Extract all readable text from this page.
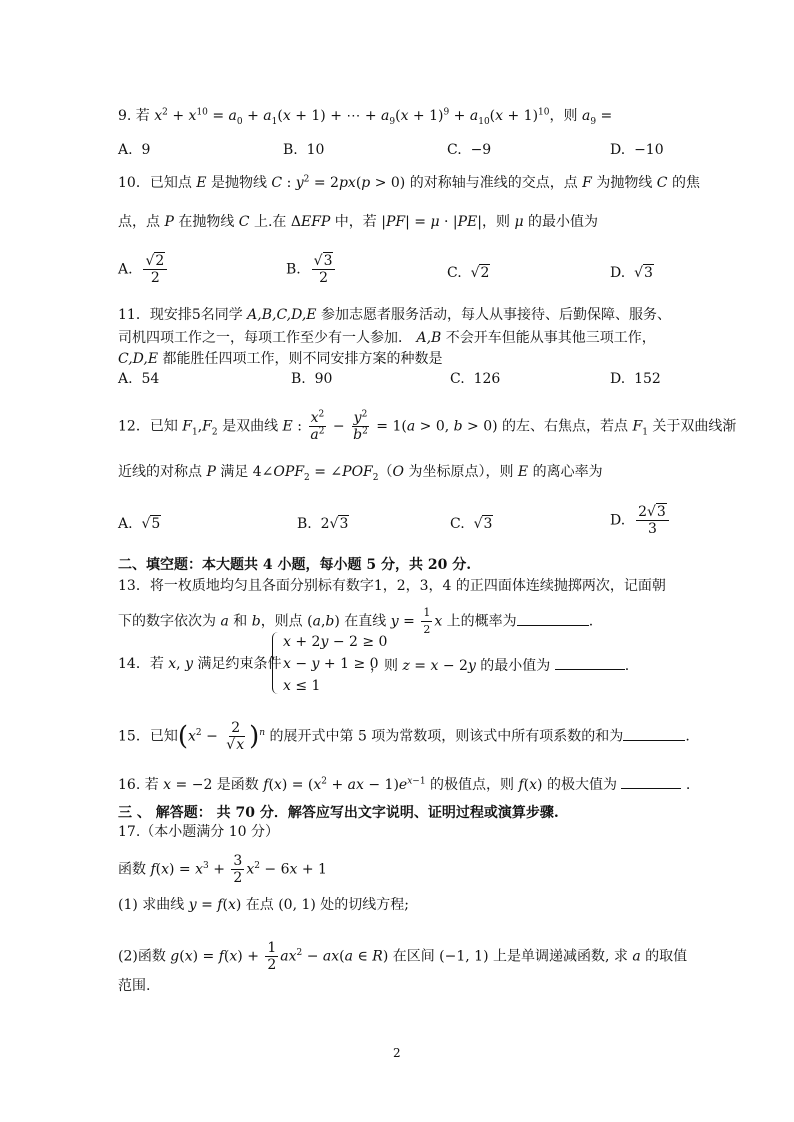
9. 若 $x^2 + x^{10} = a_0 + a_1(x + 1)$ + ⋯ + $a_9(x + 1)^9 + a_{10}(x + 1)^{10}$，则 $a_9$ =
A.  9	B.  10	C.  −9	D.  −10
10．已知点 E 是抛物线 C : $y^2 = 2px(p > 0)$ 的对称轴与准线的交点，点 F 为抛物线 C 的焦
点，点 P 在抛物线 C 上.在 ΔEFP 中，若 |PF| = μ · |PE|，则 μ 的最小值为
A. $\frac{√2}{2}$	B. $\frac{√3}{2}$	C.  √2	D.  √3
11．现安排5名同学 A,B,C,D,E 参加志愿者服务活动，每人从事接待、后勤保障、服务、
司机四项工作之一，每项工作至少有一人参加． A,B 不会开车但能从事其他三项工作，
C,D,E 都能胜任四项工作，则不同安排方案的种数是
A.  54	B.  90	C.  126	D.  152
12．已知 $F_1,F_2$ 是双曲线 E : $\frac{x^2}{a^2} - \frac{y^2}{b^2} = 1(a > 0$, b > 0) 的左、右焦点，若点 $F_1$ 关于双曲线渐
近线的对称点 P 满足 $4\angle OPF_2$ = $\angle POF_2(O$ 为坐标原点），则 E 的离心率为
A.  √5	B.  2√3	C.  √3	D. $\frac{2√3}{3}$
二、填空题：本大题共 4 小题，每小题 5 分，共 20 分.
13．将一枚质地均匀且各面分别标有数字1，2，3，4 的正四面体连续抛掷两次，记面朝
下的数字依次为 a 和 b，则点 (a,b) 在直线 $y = \frac{1}{2}$ x 上的概率为	.
14．若 x, y 满足约束条件
x + 2y − 2 ≥ 0
x − y + 1 ≥ 0
x ≤ 1
，则 z = x − 2y 的最小值为	.
15．已知$(x^2 - \frac{2}{√x} )^n$ 的展开式中第 5 项为常数项，则该式中所有项系数的和为	.
16. 若 x = −2 是函数 $f(x) = (x^2$ + ax − $1)e^{x-1}$ 的极值点，则 f(x) 的极大值为	.
三 、 解答题： 共 70 分．解答应写出文字说明、证明过程或演算步骤.
17.（本小题满分 10 分）
函数 $f(x) = x^3 + \frac{3}{2} x^2 - 6x + 1$
(1) 求曲线 y = f(x) 在点 (0, 1) 处的切线方程;
(2)函数 $g(x) = f(x) + \frac{1}{2} ax^2 - ax(a$ ∈ R) 在区间 (−1, 1) 上是单调递减函数, 求 a 的取值
范围.
2
